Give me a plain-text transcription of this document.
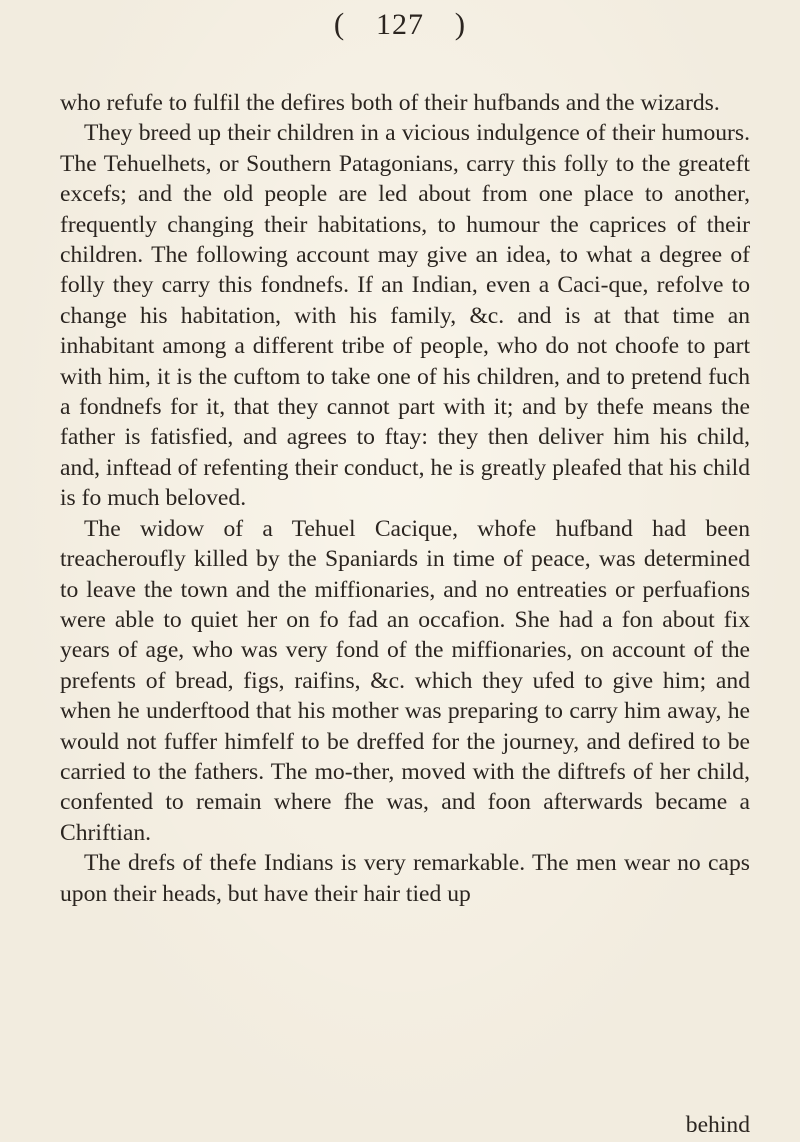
( 127 )

who refufe to fulfil the defires both of their hufbands and the wizards.

They breed up their children in a vicious indulgence of their humours. The Tehuelhets, or Southern Patagonians, carry this folly to the greateft excefs; and the old people are led about from one place to another, frequently changing their habitations, to humour the caprices of their children. The following account may give an idea, to what a degree of folly they carry this fondnefs. If an Indian, even a Caci-que, refolve to change his habitation, with his family, &c. and is at that time an inhabitant among a different tribe of people, who do not choofe to part with him, it is the cuftom to take one of his children, and to pretend fuch a fondnefs for it, that they cannot part with it; and by thefe means the father is fatisfied, and agrees to ftay: they then deliver him his child, and, inftead of refenting their conduct, he is greatly pleafed that his child is fo much beloved.

The widow of a Tehuel Cacique, whofe hufband had been treacheroufly killed by the Spaniards in time of peace, was determined to leave the town and the miffionaries, and no entreaties or perfuafions were able to quiet her on fo fad an occafion. She had a fon about fix years of age, who was very fond of the miffionaries, on account of the prefents of bread, figs, raifins, &c. which they ufed to give him; and when he underftood that his mother was preparing to carry him away, he would not fuffer himfelf to be dreffed for the journey, and defired to be carried to the fathers. The mo-ther, moved with the diftrefs of her child, confented to remain where fhe was, and foon afterwards became a Chriftian.

The drefs of thefe Indians is very remarkable. The men wear no caps upon their heads, but have their hair tied up

behind
